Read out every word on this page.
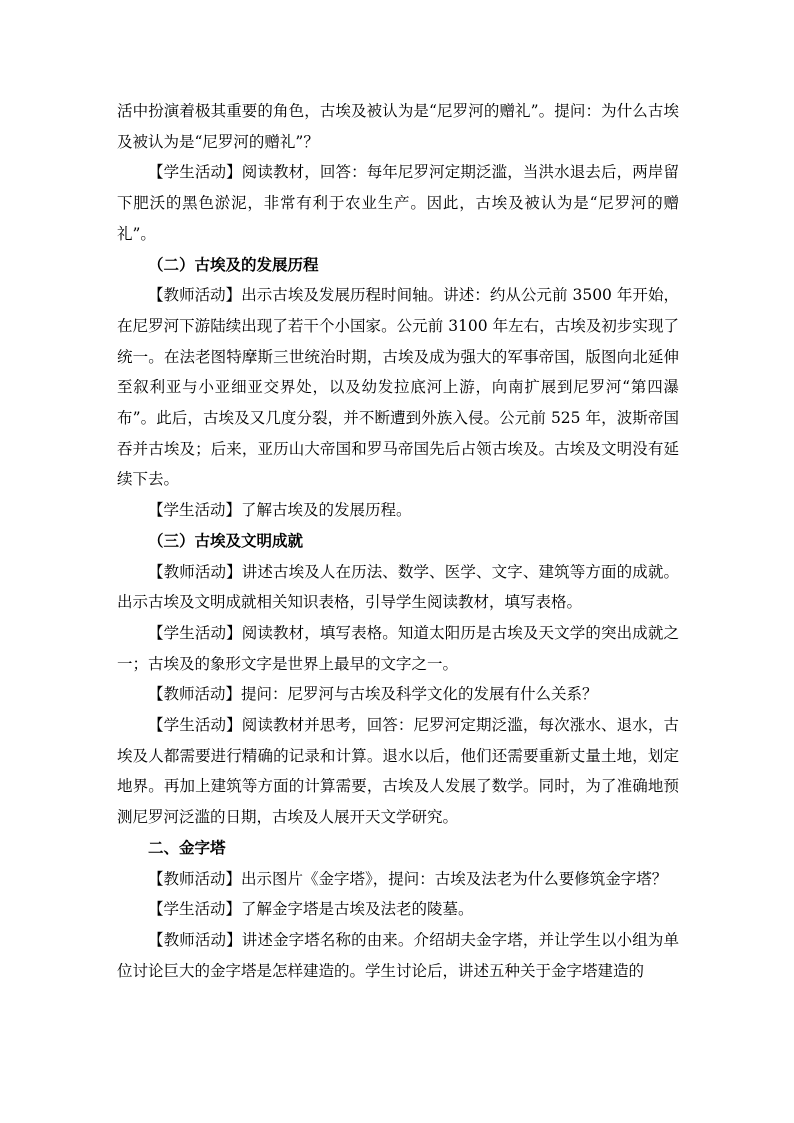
活中扮演着极其重要的角色，古埃及被认为是“尼罗河的赠礼”。提问：为什么古埃及被认为是“尼罗河的赠礼”？

【学生活动】阅读教材，回答：每年尼罗河定期泛滥，当洪水退去后，两岸留下肥沃的黑色淤泥，非常有利于农业生产。因此，古埃及被认为是“尼罗河的赠礼”。

（二）古埃及的发展历程

【教师活动】出示古埃及发展历程时间轴。讲述：约从公元前 3500 年开始，在尼罗河下游陆续出现了若干个小国家。公元前 3100 年左右，古埃及初步实现了统一。在法老图特摩斯三世统治时期，古埃及成为强大的军事帝国，版图向北延伸至叙利亚与小亚细亚交界处，以及幼发拉底河上游，向南扩展到尼罗河“第四瀑布”。此后，古埃及又几度分裂，并不断遭到外族入侵。公元前 525 年，波斯帝国吞并古埃及；后来，亚历山大帝国和罗马帝国先后占领古埃及。古埃及文明没有延续下去。

【学生活动】了解古埃及的发展历程。

（三）古埃及文明成就

【教师活动】讲述古埃及人在历法、数学、医学、文字、建筑等方面的成就。出示古埃及文明成就相关知识表格，引导学生阅读教材，填写表格。

【学生活动】阅读教材，填写表格。知道太阳历是古埃及天文学的突出成就之一；古埃及的象形文字是世界上最早的文字之一。

【教师活动】提问：尼罗河与古埃及科学文化的发展有什么关系？

【学生活动】阅读教材并思考，回答：尼罗河定期泛滥，每次涨水、退水，古埃及人都需要进行精确的记录和计算。退水以后，他们还需要重新丈量土地，划定地界。再加上建筑等方面的计算需要，古埃及人发展了数学。同时，为了准确地预测尼罗河泛滥的日期，古埃及人展开天文学研究。

二、金字塔

【教师活动】出示图片《金字塔》，提问：古埃及法老为什么要修筑金字塔？

【学生活动】了解金字塔是古埃及法老的陵墓。

【教师活动】讲述金字塔名称的由来。介绍胡夫金字塔，并让学生以小组为单位讨论巨大的金字塔是怎样建造的。学生讨论后，讲述五种关于金字塔建造的
